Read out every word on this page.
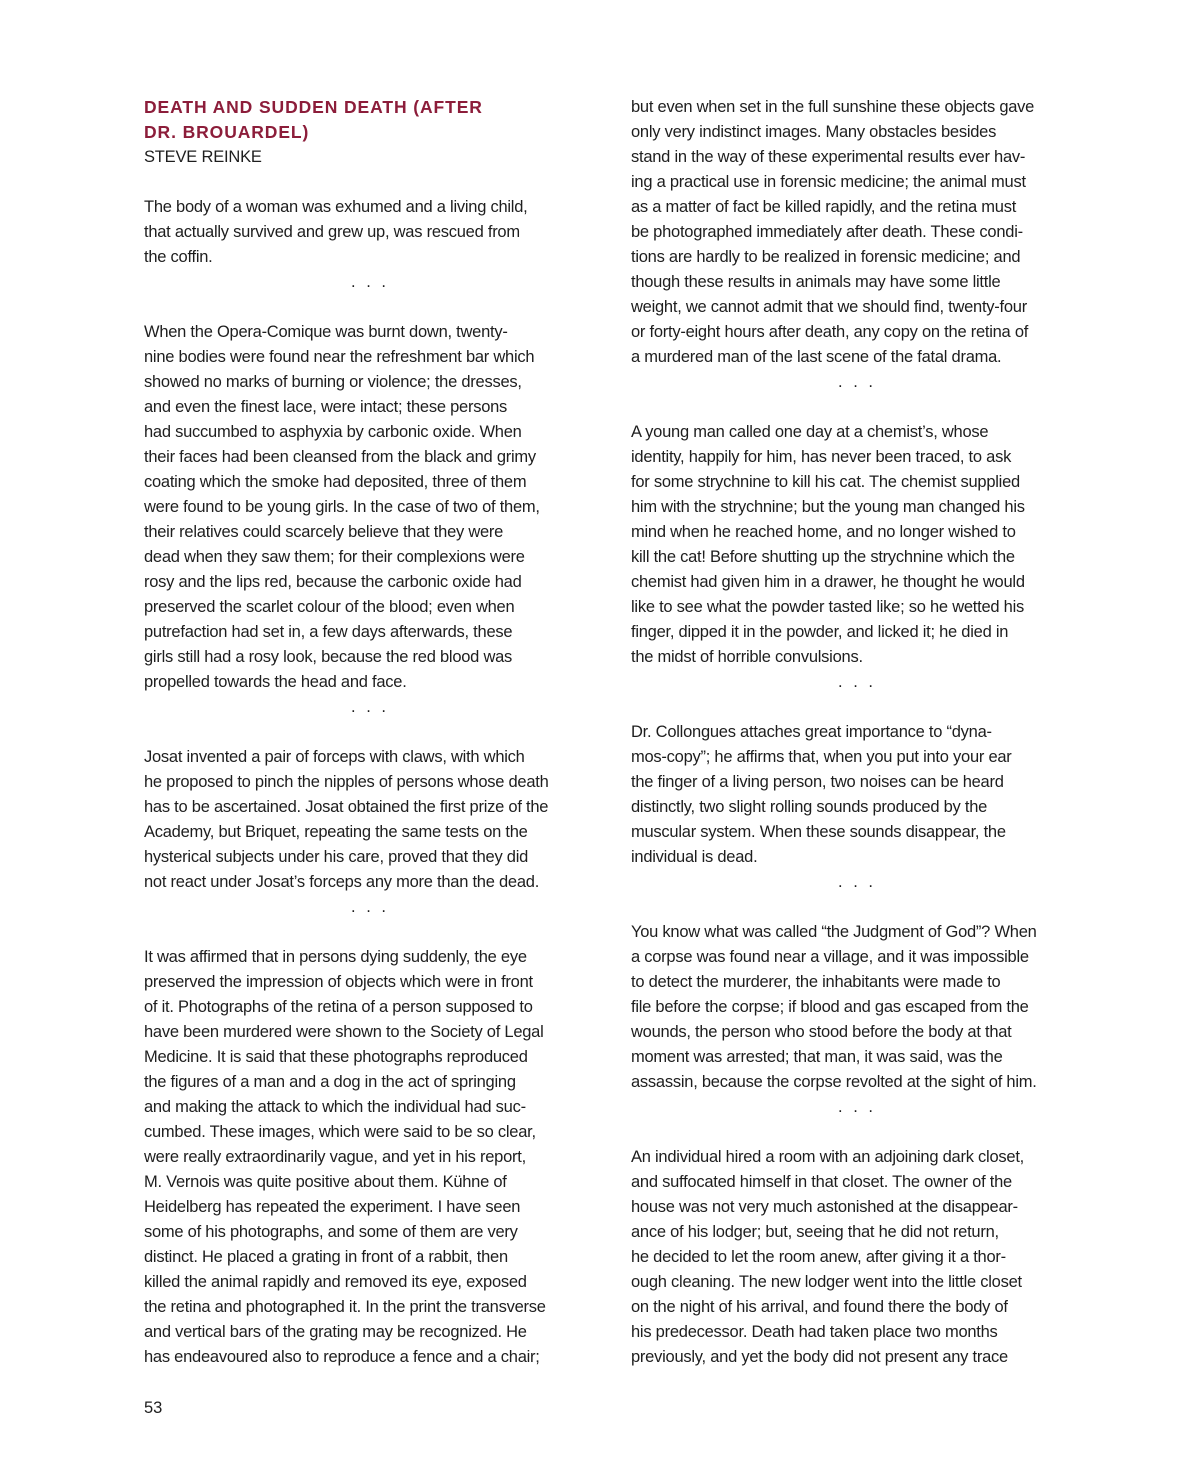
DEATH AND SUDDEN DEATH (AFTER
DR. BROUARDEL)

STEVE REINKE

The body of a woman was exhumed and a living child,
that actually survived and grew up, was rescued from
the coffin.

. . .

When the Opera-Comique was burnt down, twenty-
nine bodies were found near the refreshment bar which
showed no marks of burning or violence; the dresses,
and even the finest lace, were intact; these persons
had succumbed to asphyxia by carbonic oxide. When
their faces had been cleansed from the black and grimy
coating which the smoke had deposited, three of them
were found to be young girls. In the case of two of them,
their relatives could scarcely believe that they were
dead when they saw them; for their complexions were
rosy and the lips red, because the carbonic oxide had
preserved the scarlet colour of the blood; even when
putrefaction had set in, a few days afterwards, these
girls still had a rosy look, because the red blood was
propelled towards the head and face.

. . .

Josat invented a pair of forceps with claws, with which
he proposed to pinch the nipples of persons whose death
has to be ascertained. Josat obtained the first prize of the
Academy, but Briquet, repeating the same tests on the
hysterical subjects under his care, proved that they did
not react under Josat’s forceps any more than the dead.

. . .

It was affirmed that in persons dying suddenly, the eye
preserved the impression of objects which were in front
of it. Photographs of the retina of a person supposed to
have been murdered were shown to the Society of Legal
Medicine. It is said that these photographs reproduced
the figures of a man and a dog in the act of springing
and making the attack to which the individual had suc-
cumbed. These images, which were said to be so clear,
were really extraordinarily vague, and yet in his report,
M. Vernois was quite positive about them. Kühne of
Heidelberg has repeated the experiment. I have seen
some of his photographs, and some of them are very
distinct. He placed a grating in front of a rabbit, then
killed the animal rapidly and removed its eye, exposed
the retina and photographed it. In the print the transverse
and vertical bars of the grating may be recognized. He
has endeavoured also to reproduce a fence and a chair;

but even when set in the full sunshine these objects gave
only very indistinct images. Many obstacles besides
stand in the way of these experimental results ever hav-
ing a practical use in forensic medicine; the animal must
as a matter of fact be killed rapidly, and the retina must
be photographed immediately after death. These condi-
tions are hardly to be realized in forensic medicine; and
though these results in animals may have some little
weight, we cannot admit that we should find, twenty-four
or forty-eight hours after death, any copy on the retina of
a murdered man of the last scene of the fatal drama.

. . .

A young man called one day at a chemist’s, whose
identity, happily for him, has never been traced, to ask
for some strychnine to kill his cat. The chemist supplied
him with the strychnine; but the young man changed his
mind when he reached home, and no longer wished to
kill the cat! Before shutting up the strychnine which the
chemist had given him in a drawer, he thought he would
like to see what the powder tasted like; so he wetted his
finger, dipped it in the powder, and licked it; he died in
the midst of horrible convulsions.

. . .

Dr. Collongues attaches great importance to “dyna-
mos-copy”; he affirms that, when you put into your ear
the finger of a living person, two noises can be heard
distinctly, two slight rolling sounds produced by the
muscular system. When these sounds disappear, the
individual is dead.

. . .

You know what was called “the Judgment of God”? When
a corpse was found near a village, and it was impossible
to detect the murderer, the inhabitants were made to
file before the corpse; if blood and gas escaped from the
wounds, the person who stood before the body at that
moment was arrested; that man, it was said, was the
assassin, because the corpse revolted at the sight of him.

. . .

An individual hired a room with an adjoining dark closet,
and suffocated himself in that closet. The owner of the
house was not very much astonished at the disappear-
ance of his lodger; but, seeing that he did not return,
he decided to let the room anew, after giving it a thor-
ough cleaning. The new lodger went into the little closet
on the night of his arrival, and found there the body of
his predecessor. Death had taken place two months
previously, and yet the body did not present any trace

53
